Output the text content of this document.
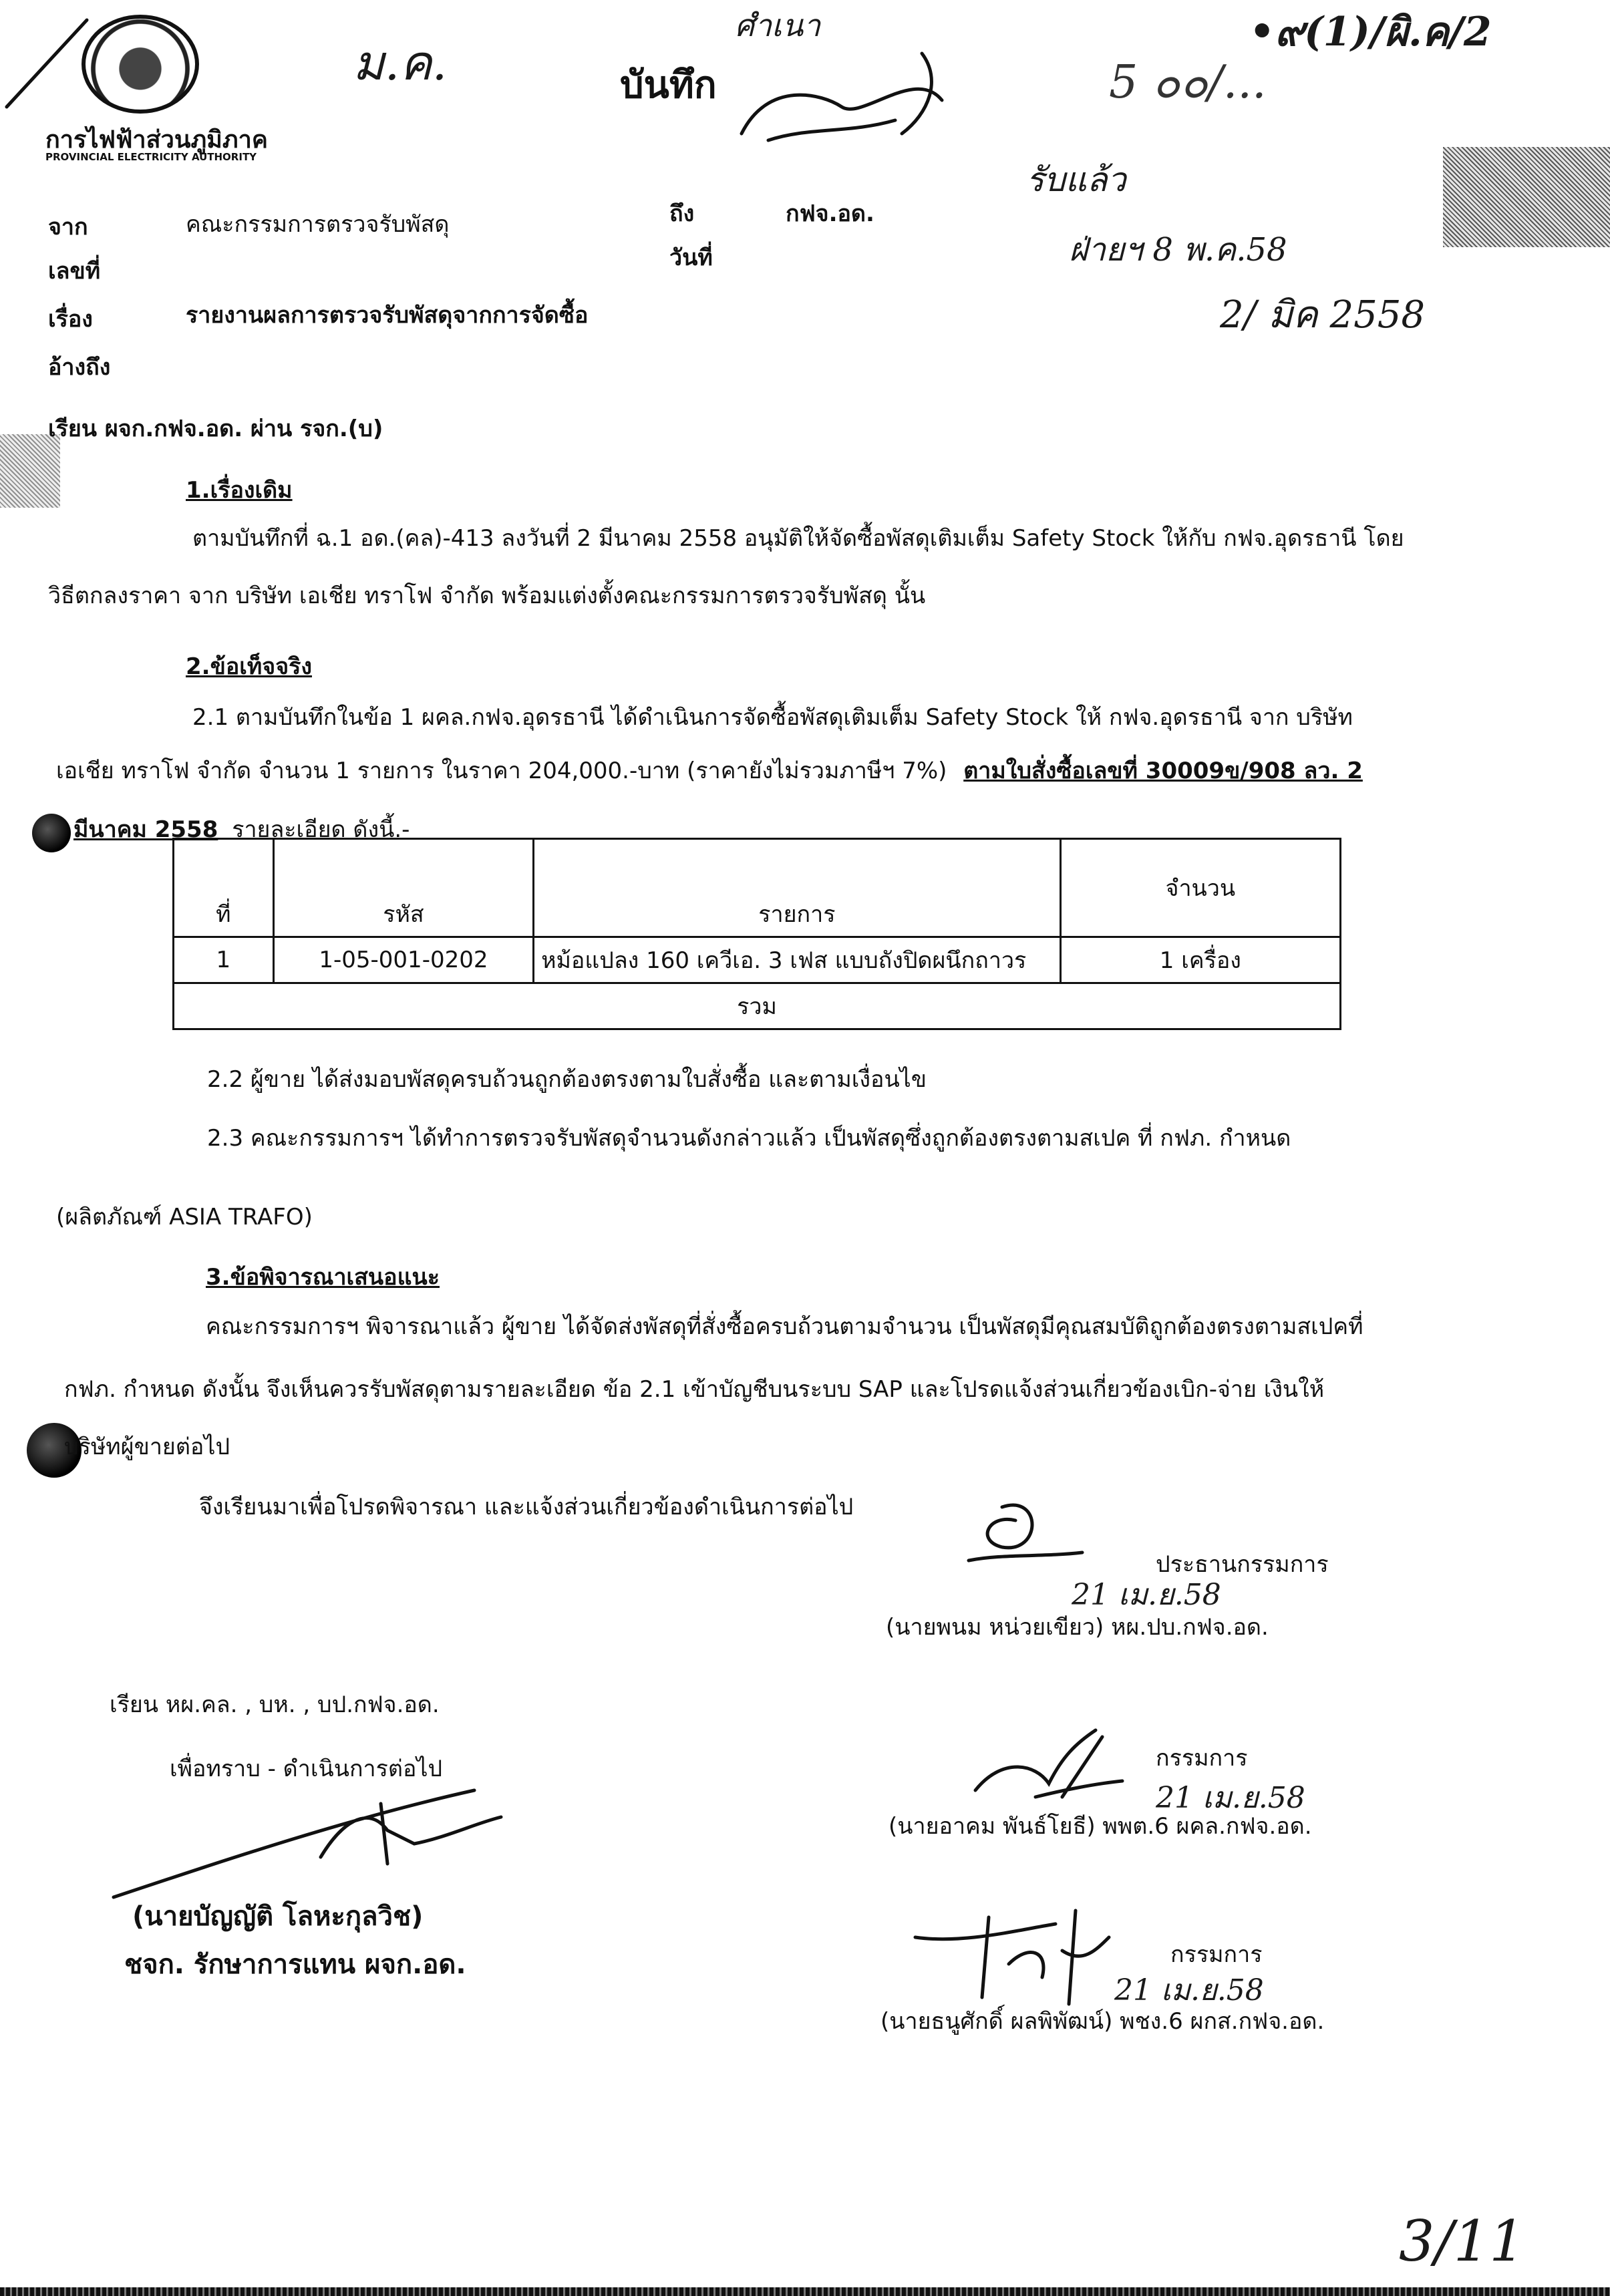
การไฟฟ้าส่วนภูมิภาค
PROVINCIAL ELECTRICITY AUTHORITY
บันทึก
•๙(1)/ผิ.ค/2
ม.ค.
ศำเนา
5 ๐๐/...
รับแล้ว
ฝ่ายฯ 8 พ.ค.58
2/ มิค 2558
จาก	คณะกรรมการตรวจรับพัสดุ	ถึง	กฟจ.อด.
เลขที่	วันที่
เรื่อง	รายงานผลการตรวจรับพัสดุจากการจัดซื้อ
อ้างถึง
เรียน ผจก.กฟจ.อด. ผ่าน รจก.(บ)
1.เรื่องเดิม
ตามบันทึกที่ ฉ.1 อด.(คล)-413 ลงวันที่ 2 มีนาคม 2558 อนุมัติให้จัดซื้อพัสดุเติมเต็ม Safety Stock ให้กับ กฟจ.อุดรธานี โดย
วิธีตกลงราคา จาก บริษัท เอเชีย ทราโฟ จำกัด พร้อมแต่งตั้งคณะกรรมการตรวจรับพัสดุ นั้น
2.ข้อเท็จจริง
2.1 ตามบันทึกในข้อ 1 ผคล.กฟจ.อุดรธานี ได้ดำเนินการจัดซื้อพัสดุเติมเต็ม Safety Stock ให้ กฟจ.อุดรธานี จาก บริษัท
เอเชีย ทราโฟ จำกัด จำนวน 1 รายการ ในราคา 204,000.-บาท (ราคายังไม่รวมภาษีฯ 7%) ตามใบสั่งซื้อเลขที่ 30009ข/908 ลว. 2
มีนาคม 2558 รายละเอียด ดังนี้.-
ที่	รหัส	รายการ	จำนวน
1	1-05-001-0202	หม้อแปลง 160 เควีเอ. 3 เฟส แบบถังปิดผนึกถาวร	1 เครื่อง
รวม			
2.2 ผู้ขาย ได้ส่งมอบพัสดุครบถ้วนถูกต้องตรงตามใบสั่งซื้อ และตามเงื่อนไข
2.3 คณะกรรมการฯ ได้ทำการตรวจรับพัสดุจำนวนดังกล่าวแล้ว เป็นพัสดุซึ่งถูกต้องตรงตามสเปค ที่ กฟภ. กำหนด
(ผลิตภัณฑ์ ASIA TRAFO)
3.ข้อพิจารณาเสนอแนะ
คณะกรรมการฯ พิจารณาแล้ว ผู้ขาย ได้จัดส่งพัสดุที่สั่งซื้อครบถ้วนตามจำนวน เป็นพัสดุมีคุณสมบัติถูกต้องตรงตามสเปคที่
กฟภ. กำหนด ดังนั้น จึงเห็นควรรับพัสดุตามรายละเอียด ข้อ 2.1 เข้าบัญชีบนระบบ SAP และโปรดแจ้งส่วนเกี่ยวข้องเบิก-จ่าย เงินให้
บริษัทผู้ขายต่อไป
จึงเรียนมาเพื่อโปรดพิจารณา และแจ้งส่วนเกี่ยวข้องดำเนินการต่อไป
ประธานกรรมการ
21 เม.ย.58
(นายพนม หน่วยเขียว) หผ.ปบ.กฟจ.อด.
เรียน หผ.คล. , บห. , บป.กฟจ.อด.
เพื่อทราบ - ดำเนินการต่อไป
(นายบัญญัติ โลหะกุลวิช)
ชจก. รักษาการแทน ผจก.อด.
กรรมการ
21 เม.ย.58
(นายอาคม พันธ์โยธี) พพต.6 ผคล.กฟจ.อด.
กรรมการ
21 เม.ย.58
(นายธนูศักดิ์ ผลพิพัฒน์) พชง.6 ผกส.กฟจ.อด.
3/11
